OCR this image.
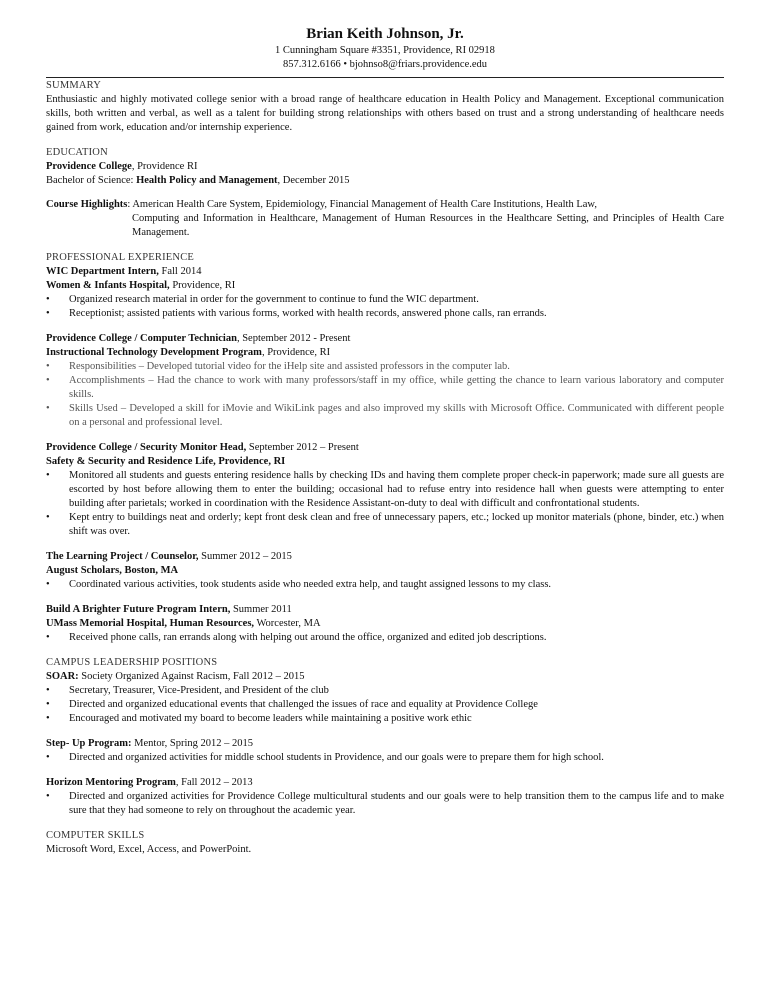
Brian Keith Johnson, Jr.
1 Cunningham Square #3351, Providence, RI 02918
857.312.6166 • bjohnso8@friars.providence.edu
SUMMARY

Enthusiastic and highly motivated college senior with a broad range of healthcare education in Health Policy and Management. Exceptional communication skills, both written and verbal, as well as a talent for building strong relationships with others based on trust and a strong understanding of healthcare needs gained from work, education and/or internship experience.

EDUCATION

Providence College, Providence RI

Bachelor of Science: Health Policy and Management, December 2015

Course Highlights: American Health Care System, Epidemiology, Financial Management of Health Care Institutions, Health Law,

Computing and Information in Healthcare, Management of Human Resources in the Healthcare Setting, and Principles of Health Care Management.

PROFESSIONAL EXPERIENCE

WIC Department Intern, Fall 2014

Women & Infants Hospital, Providence, RI

• Organized research material in order for the government to continue to fund the WIC department.
• Receptionist; assisted patients with various forms, worked with health records, answered phone calls, ran errands.

Providence College / Computer Technician, September 2012 - Present

Instructional Technology Development Program, Providence, RI

• Responsibilities – Developed tutorial video for the iHelp site and assisted professors in the computer lab.
• Accomplishments – Had the chance to work with many professors/staff in my office, while getting the chance to learn various laboratory and computer skills.
• Skills Used – Developed a skill for iMovie and WikiLink pages and also improved my skills with Microsoft Office. Communicated with different people on a personal and professional level.

Providence College / Security Monitor Head, September 2012 – Present

Safety & Security and Residence Life, Providence, RI

• Monitored all students and guests entering residence halls by checking IDs and having them complete proper check-in paperwork; made sure all guests are escorted by host before allowing them to enter the building; occasional had to refuse entry into residence hall when guests were attempting to enter building after parietals; worked in coordination with the Residence Assistant-on-duty to deal with difficult and confrontational students.
• Kept entry to buildings neat and orderly; kept front desk clean and free of unnecessary papers, etc.; locked up monitor materials (phone, binder, etc.) when shift was over.

The Learning Project / Counselor, Summer 2012 – 2015

August Scholars, Boston, MA

• Coordinated various activities, took students aside who needed extra help, and taught assigned lessons to my class.

Build A Brighter Future Program Intern, Summer 2011

UMass Memorial Hospital, Human Resources, Worcester, MA

• Received phone calls, ran errands along with helping out around the office, organized and edited job descriptions.
CAMPUS LEADERSHIP POSITIONS

SOAR: Society Organized Against Racism, Fall 2012 – 2015

• Secretary, Treasurer, Vice-President, and President of the club
• Directed and organized educational events that challenged the issues of race and equality at Providence College
• Encouraged and motivated my board to become leaders while maintaining a positive work ethic

Step- Up Program: Mentor, Spring 2012 – 2015

• Directed and organized activities for middle school students in Providence, and our goals were to prepare them for high school.

Horizon Mentoring Program, Fall 2012 – 2013

• Directed and organized activities for Providence College multicultural students and our goals were to help transition them to the campus life and to make sure that they had someone to rely on throughout the academic year.
COMPUTER SKILLS

Microsoft Word, Excel, Access, and PowerPoint.
